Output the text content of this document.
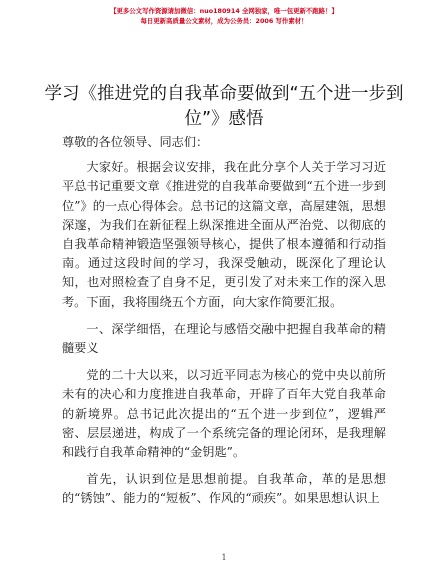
【更多公文写作资源请加微信：nuo180914 全网独家，唯一包更新不跑路！】
每日更新高质量公文素材，成为公务员：2006 写作素材！
学习《推进党的自我革命要做到“五个进一步到位”》感悟

尊敬的各位领导、同志们：

大家好。根据会议安排，我在此分享个人关于学习习近平总书记重要文章《推进党的自我革命要做到“五个进一步到位”》的一点心得体会。总书记的这篇文章，高屋建瓴，思想深邃，为我们在新征程上纵深推进全面从严治党、以彻底的自我革命精神锻造坚强领导核心，提供了根本遵循和行动指南。通过这段时间的学习，我深受触动，既深化了理论认知，也对照检查了自身不足，更引发了对未来工作的深入思考。下面，我将围绕五个方面，向大家作简要汇报。

一、深学细悟，在理论与感悟交融中把握自我革命的精髓要义

党的二十大以来，以习近平同志为核心的党中央以前所未有的决心和力度推进自我革命，开辟了百年大党自我革命的新境界。总书记此次提出的“五个进一步到位”，逻辑严密、层层递进，构成了一个系统完备的理论闭环，是我理解和践行自我革命精神的“金钥匙”。

首先，认识到位是思想前提。自我革命，革的是思想的“锈蚀”、能力的“短板”、作风的“顽疾”。如果思想认识上

1
